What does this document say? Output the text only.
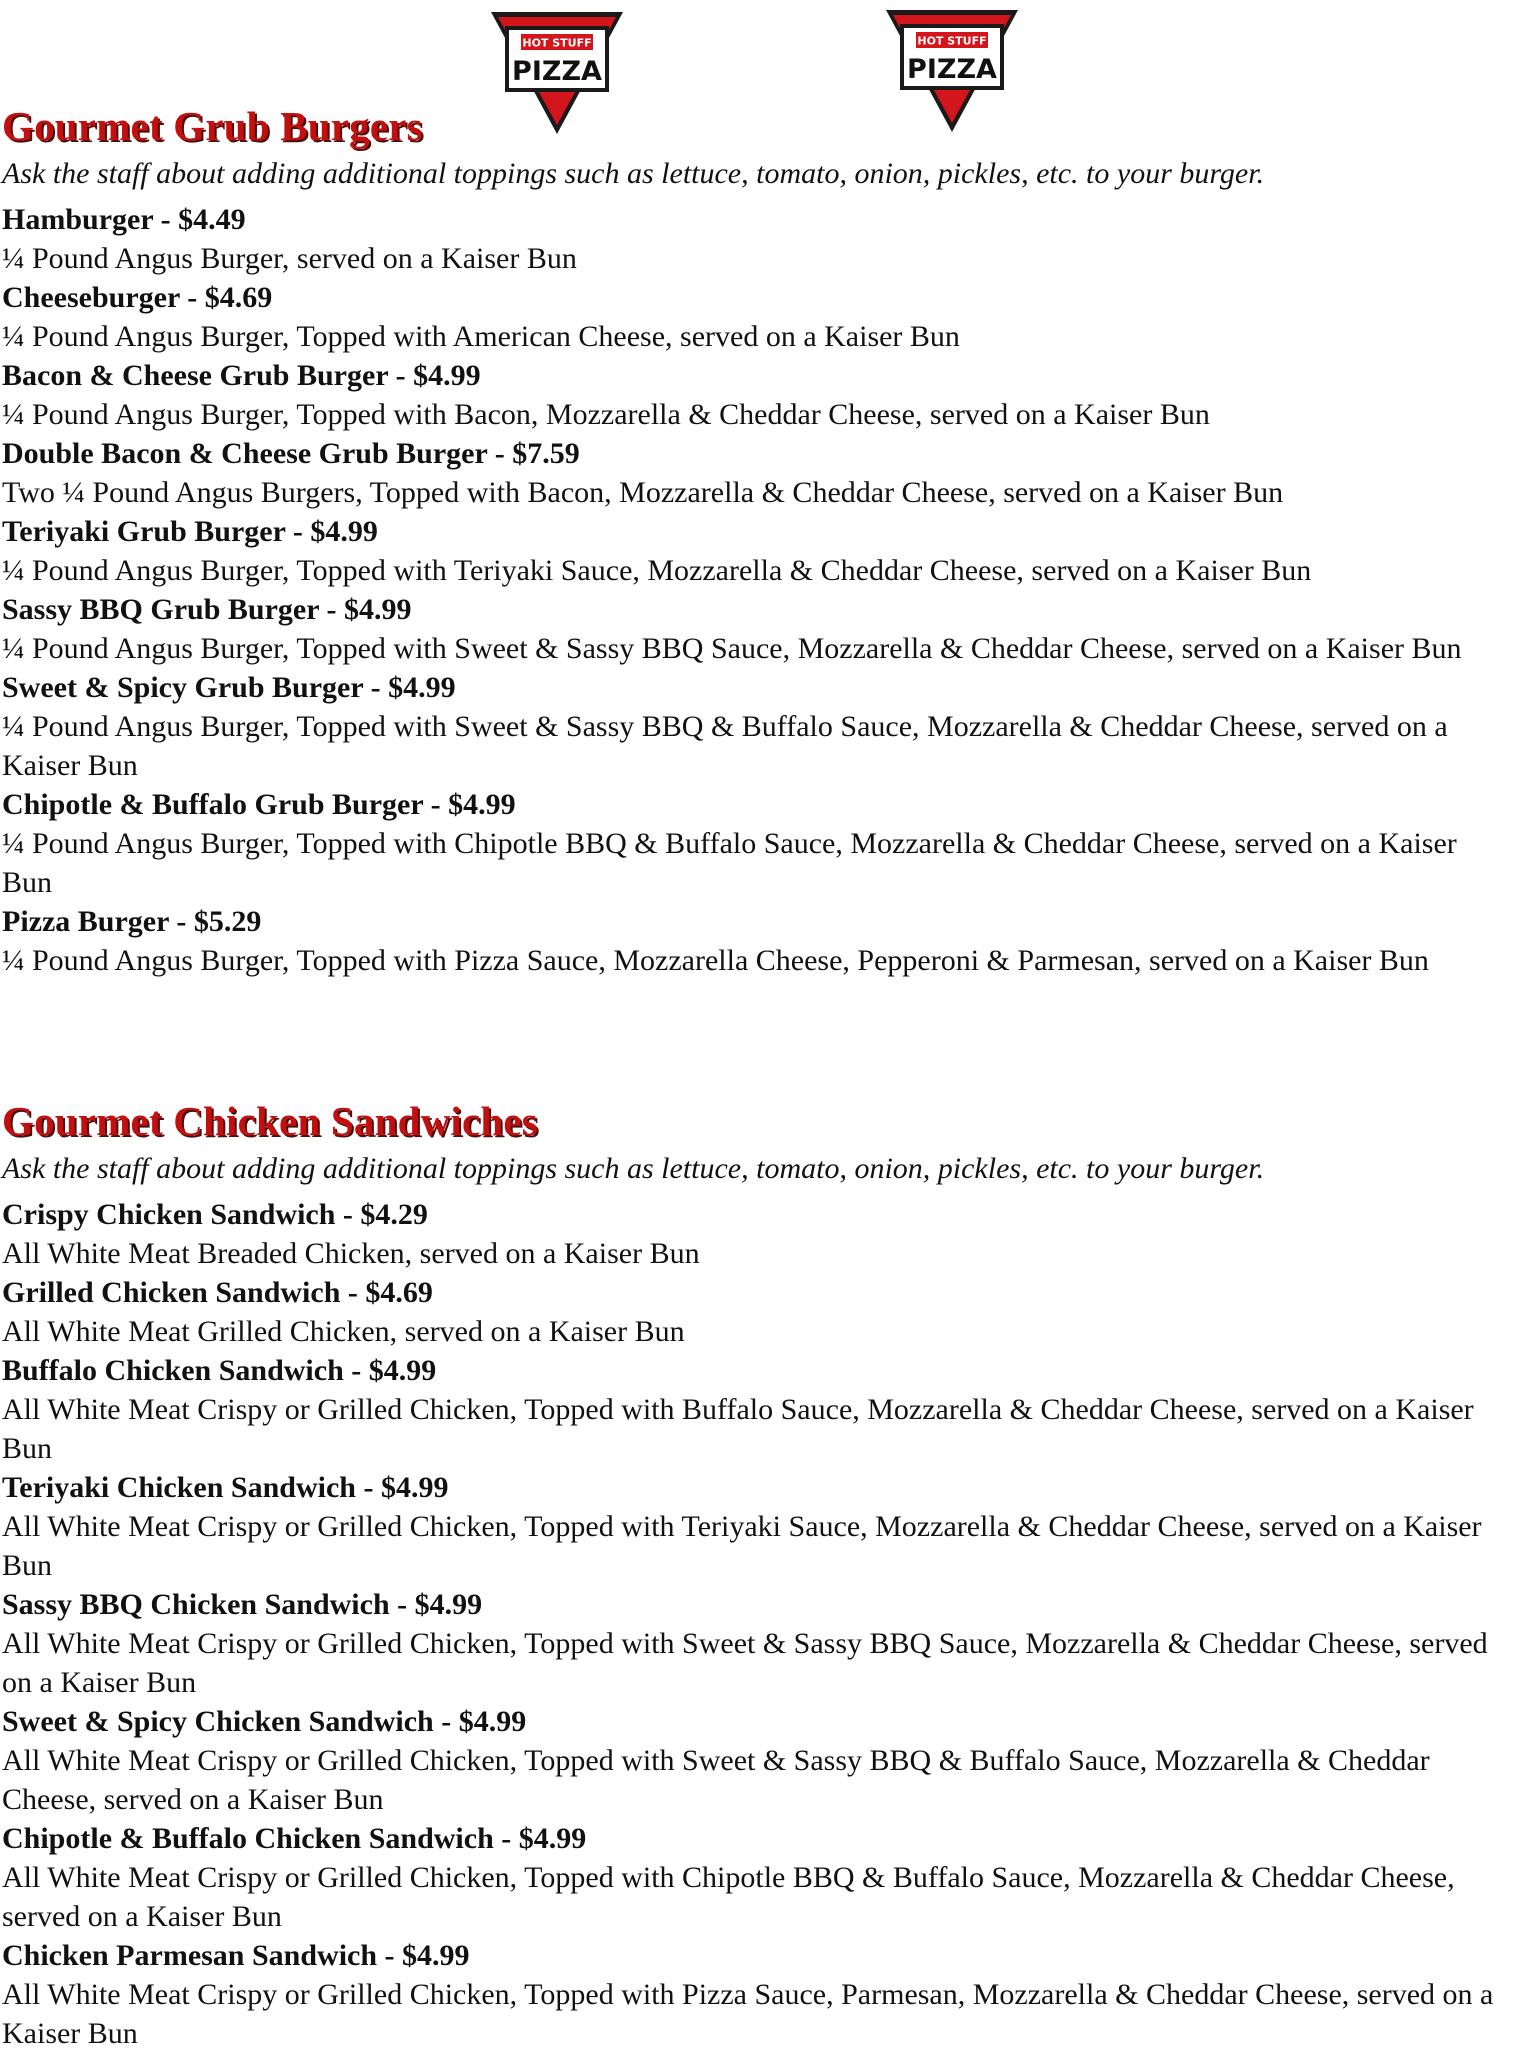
HOT STUFF
PIZZA
HOT STUFF
PIZZA
Gourmet Grub Burgers

Ask the staff about adding additional toppings such as lettuce, tomato, onion, pickles, etc. to your burger.

Hamburger - $4.49
¼ Pound Angus Burger, served on a Kaiser Bun
Cheeseburger - $4.69
¼ Pound Angus Burger, Topped with American Cheese, served on a Kaiser Bun
Bacon & Cheese Grub Burger - $4.99
¼ Pound Angus Burger, Topped with Bacon, Mozzarella & Cheddar Cheese, served on a Kaiser Bun
Double Bacon & Cheese Grub Burger - $7.59
Two ¼ Pound Angus Burgers, Topped with Bacon, Mozzarella & Cheddar Cheese, served on a Kaiser Bun
Teriyaki Grub Burger - $4.99
¼ Pound Angus Burger, Topped with Teriyaki Sauce, Mozzarella & Cheddar Cheese, served on a Kaiser Bun
Sassy BBQ Grub Burger - $4.99
¼ Pound Angus Burger, Topped with Sweet & Sassy BBQ Sauce, Mozzarella & Cheddar Cheese, served on a Kaiser Bun
Sweet & Spicy Grub Burger - $4.99
¼ Pound Angus Burger, Topped with Sweet & Sassy BBQ & Buffalo Sauce, Mozzarella & Cheddar Cheese, served on a Kaiser Bun
Chipotle & Buffalo Grub Burger - $4.99
¼ Pound Angus Burger, Topped with Chipotle BBQ & Buffalo Sauce, Mozzarella & Cheddar Cheese, served on a Kaiser Bun
Pizza Burger - $5.29
¼ Pound Angus Burger, Topped with Pizza Sauce, Mozzarella Cheese, Pepperoni & Parmesan, served on a Kaiser Bun
Gourmet Chicken Sandwiches

Ask the staff about adding additional toppings such as lettuce, tomato, onion, pickles, etc. to your burger.

Crispy Chicken Sandwich - $4.29
All White Meat Breaded Chicken, served on a Kaiser Bun
Grilled Chicken Sandwich - $4.69
All White Meat Grilled Chicken, served on a Kaiser Bun
Buffalo Chicken Sandwich - $4.99
All White Meat Crispy or Grilled Chicken, Topped with Buffalo Sauce, Mozzarella & Cheddar Cheese, served on a Kaiser Bun
Teriyaki Chicken Sandwich - $4.99
All White Meat Crispy or Grilled Chicken, Topped with Teriyaki Sauce, Mozzarella & Cheddar Cheese, served on a Kaiser Bun
Sassy BBQ Chicken Sandwich - $4.99
All White Meat Crispy or Grilled Chicken, Topped with Sweet & Sassy BBQ Sauce, Mozzarella & Cheddar Cheese, served on a Kaiser Bun
Sweet & Spicy Chicken Sandwich - $4.99
All White Meat Crispy or Grilled Chicken, Topped with Sweet & Sassy BBQ & Buffalo Sauce, Mozzarella & Cheddar Cheese, served on a Kaiser Bun
Chipotle & Buffalo Chicken Sandwich - $4.99
All White Meat Crispy or Grilled Chicken, Topped with Chipotle BBQ & Buffalo Sauce, Mozzarella & Cheddar Cheese, served on a Kaiser Bun
Chicken Parmesan Sandwich - $4.99
All White Meat Crispy or Grilled Chicken, Topped with Pizza Sauce, Parmesan, Mozzarella & Cheddar Cheese, served on a Kaiser Bun
